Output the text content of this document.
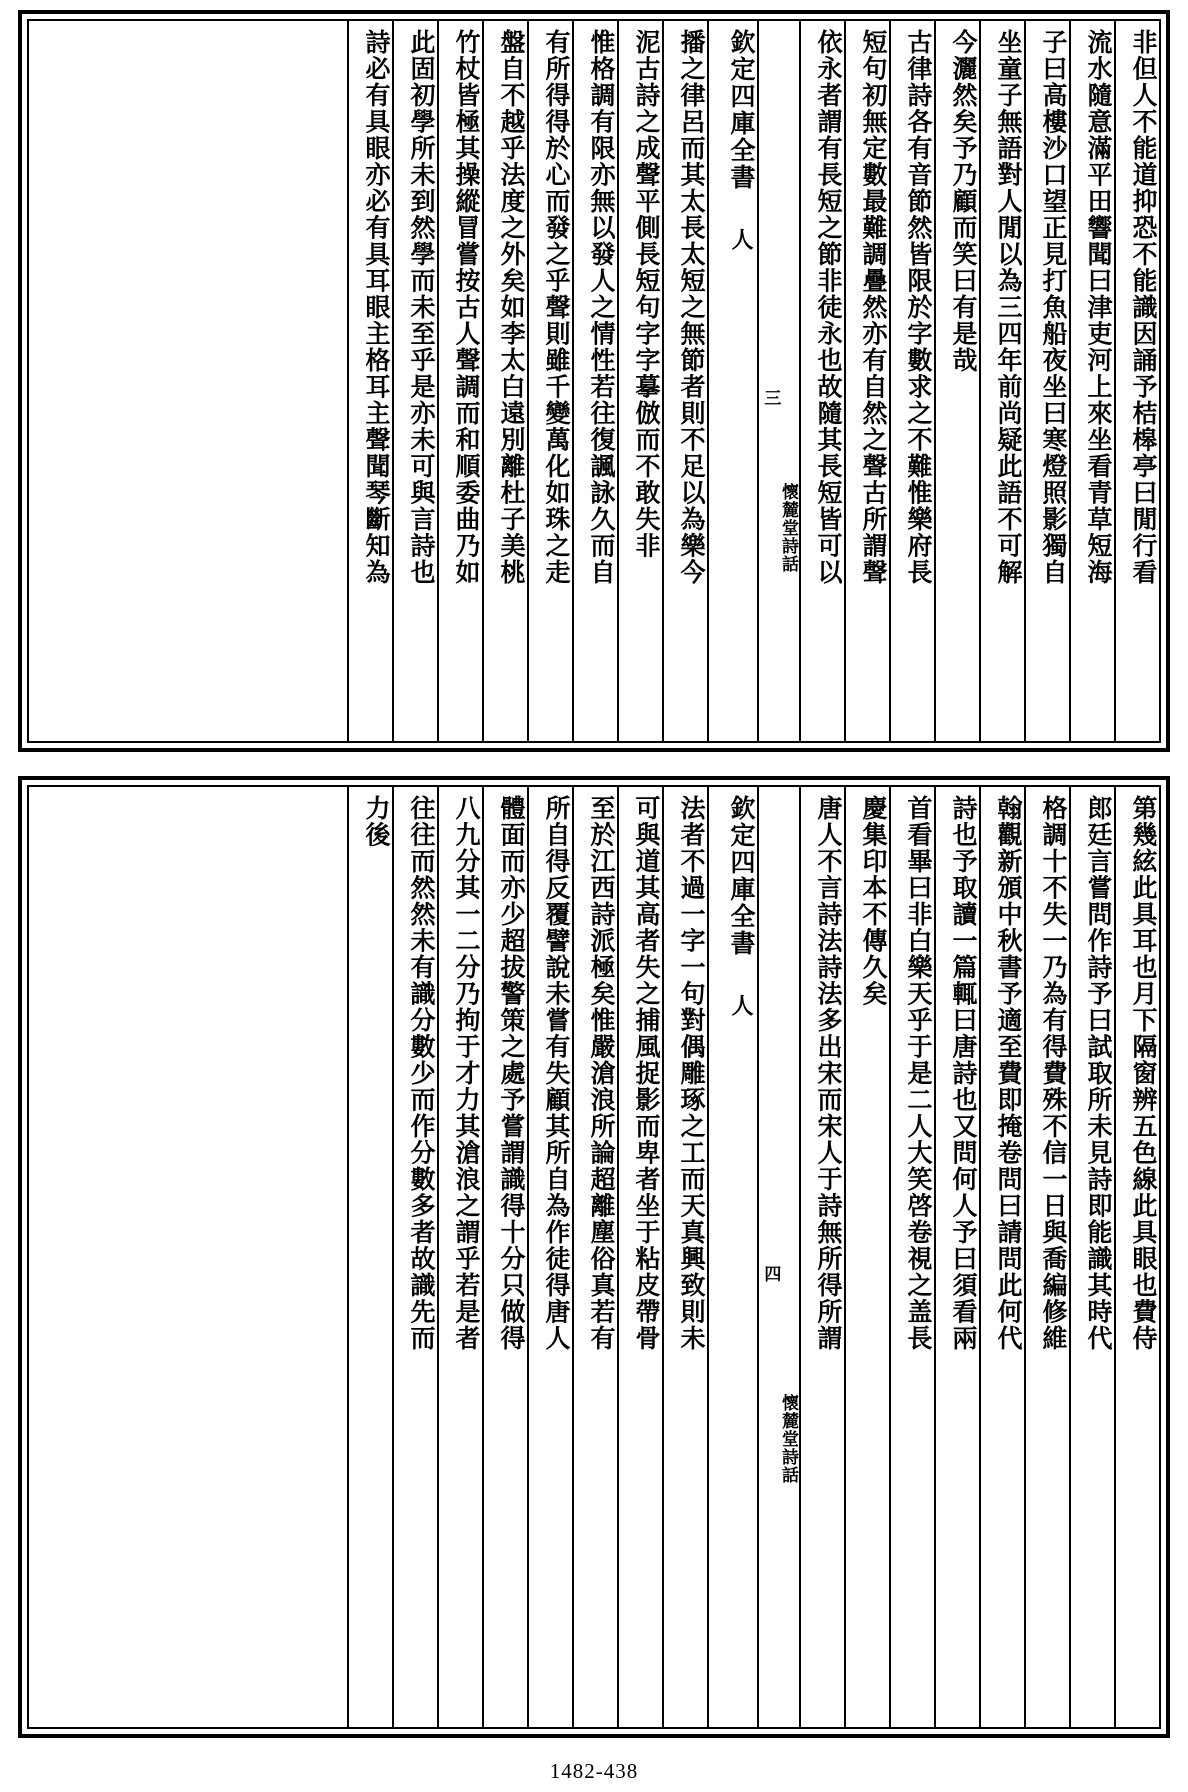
非但人不能道抑恐不能識因誦予桔槔亭曰閒行看
流水隨意滿平田響聞曰津吏河上來坐看青草短海
子曰高樓沙口望正見打魚船夜坐曰寒燈照影獨自
坐童子無語對人閒以為三四年前尚疑此語不可解
今灑然矣予乃顧而笑曰有是哉
古律詩各有音節然皆限於字數求之不難惟樂府長
短句初無定數最難調疊然亦有自然之聲古所謂聲
依永者謂有長短之節非徒永也故隨其長短皆可以
懷麓堂詩話
三
欽定四庫全書 人
播之律呂而其太長太短之無節者則不足以為樂今
泥古詩之成聲平側長短句字字摹倣而不敢失非
惟格調有限亦無以發人之情性若往復諷詠久而自
有所得得於心而發之乎聲則雖千變萬化如珠之走
盤自不越乎法度之外矣如李太白遠別離杜子美桃
竹杖皆極其操縱冒嘗按古人聲調而和順委曲乃如
此固初學所未到然學而未至乎是亦未可與言詩也
詩必有具眼亦必有具耳眼主格耳主聲聞琴斷知為
第幾絃此具耳也月下隔窗辨五色線此具眼也費侍
郎廷言嘗問作詩予曰試取所未見詩即能識其時代
格調十不失一乃為有得費殊不信一日與喬編修維
翰觀新頒中秋書予適至費即掩卷問曰請問此何代
詩也予取讀一篇輒曰唐詩也又問何人予曰須看兩
首看畢曰非白樂天乎于是二人大笑啓卷視之盖長
慶集印本不傳久矣
唐人不言詩法詩法多出宋而宋人于詩無所得所謂
懷麓堂詩話
四
欽定四庫全書 人
法者不過一字一句對偶雕琢之工而天真興致則未
可與道其高者失之捕風捉影而卑者坐于粘皮帶骨
至於江西詩派極矣惟嚴滄浪所論超離塵俗真若有
所自得反覆譬說未嘗有失顧其所自為作徒得唐人
體面而亦少超拔警策之處予嘗謂識得十分只做得
八九分其一二分乃拘于才力其滄浪之謂乎若是者
往往而然然未有識分數少而作分數多者故識先而
力後
1482-438
